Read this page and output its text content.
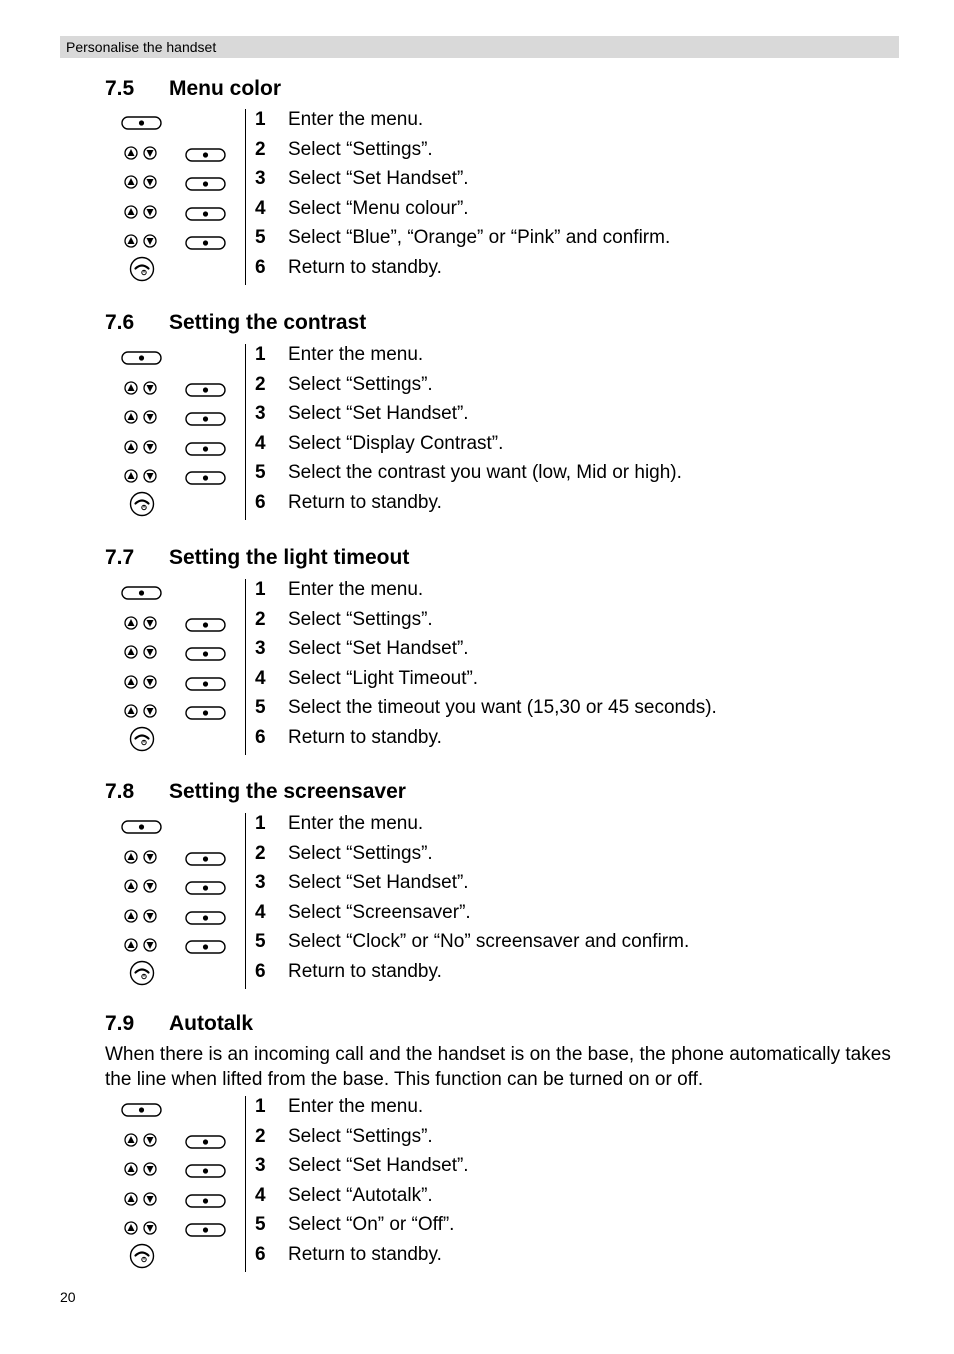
Personalise the handset
7.5 Menu color
1 Enter the menu.
2 Select “Settings”.
3 Select “Set Handset”.
4 Select “Menu colour”.
5 Select “Blue”, “Orange” or “Pink” and confirm.
6 Return to standby.
7.6 Setting the contrast
1 Enter the menu.
2 Select “Settings”.
3 Select “Set Handset”.
4 Select “Display Contrast”.
5 Select the contrast you want (low, Mid or high).
6 Return to standby.
7.7 Setting the light timeout
1 Enter the menu.
2 Select “Settings”.
3 Select “Set Handset”.
4 Select “Light Timeout”.
5 Select the timeout you want (15,30 or 45 seconds).
6 Return to standby.
7.8 Setting the screensaver
1 Enter the menu.
2 Select “Settings”.
3 Select “Set Handset”.
4 Select “Screensaver”.
5 Select “Clock” or “No” screensaver and confirm.
6 Return to standby.
7.9 Autotalk

When there is an incoming call and the handset is on the base, the phone automatically takes the line when lifted from the base. This function can be turned on or off.

1 Enter the menu.
2 Select “Settings”.
3 Select “Set Handset”.
4 Select “Autotalk”.
5 Select “On” or “Off”.
6 Return to standby.
20
